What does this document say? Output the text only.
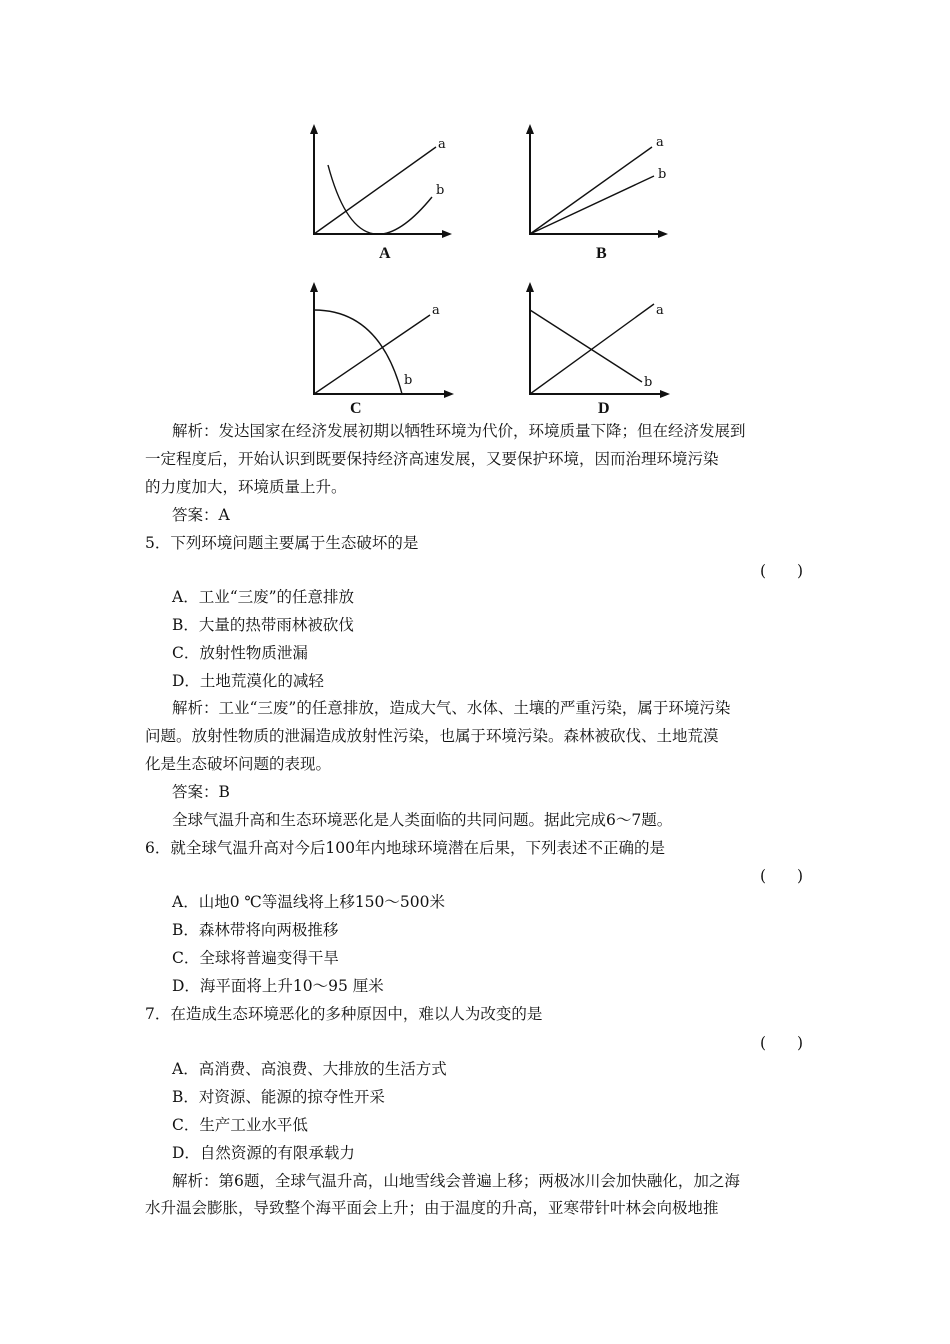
a
b
A
a
b
B
a
b
C
a
b
D
解析：发达国家在经济发展初期以牺牲环境为代价，环境质量下降；但在经济发展到
一定程度后，开始认识到既要保持经济高速发展，又要保护环境，因而治理环境污染
的力度加大，环境质量上升。
答案：A
5．下列环境问题主要属于生态破坏的是
(　　)
A．工业“三废”的任意排放
B．大量的热带雨林被砍伐
C．放射性物质泄漏
D．土地荒漠化的减轻
解析：工业“三废”的任意排放，造成大气、水体、土壤的严重污染，属于环境污染
问题。放射性物质的泄漏造成放射性污染，也属于环境污染。森林被砍伐、土地荒漠
化是生态破坏问题的表现。
答案：B
全球气温升高和生态环境恶化是人类面临的共同问题。据此完成6～7题。
6．就全球气温升高对今后100年内地球环境潜在后果，下列表述不正确的是
(　　)
A．山地0 ℃等温线将上移150～500米
B．森林带将向两极推移
C．全球将普遍变得干旱
D．海平面将上升10～95 厘米
7．在造成生态环境恶化的多种原因中，难以人为改变的是
(　　)
A．高消费、高浪费、大排放的生活方式
B．对资源、能源的掠夺性开采
C．生产工业水平低
D．自然资源的有限承载力
解析：第6题，全球气温升高，山地雪线会普遍上移；两极冰川会加快融化，加之海
水升温会膨胀，导致整个海平面会上升；由于温度的升高，亚寒带针叶林会向极地推
